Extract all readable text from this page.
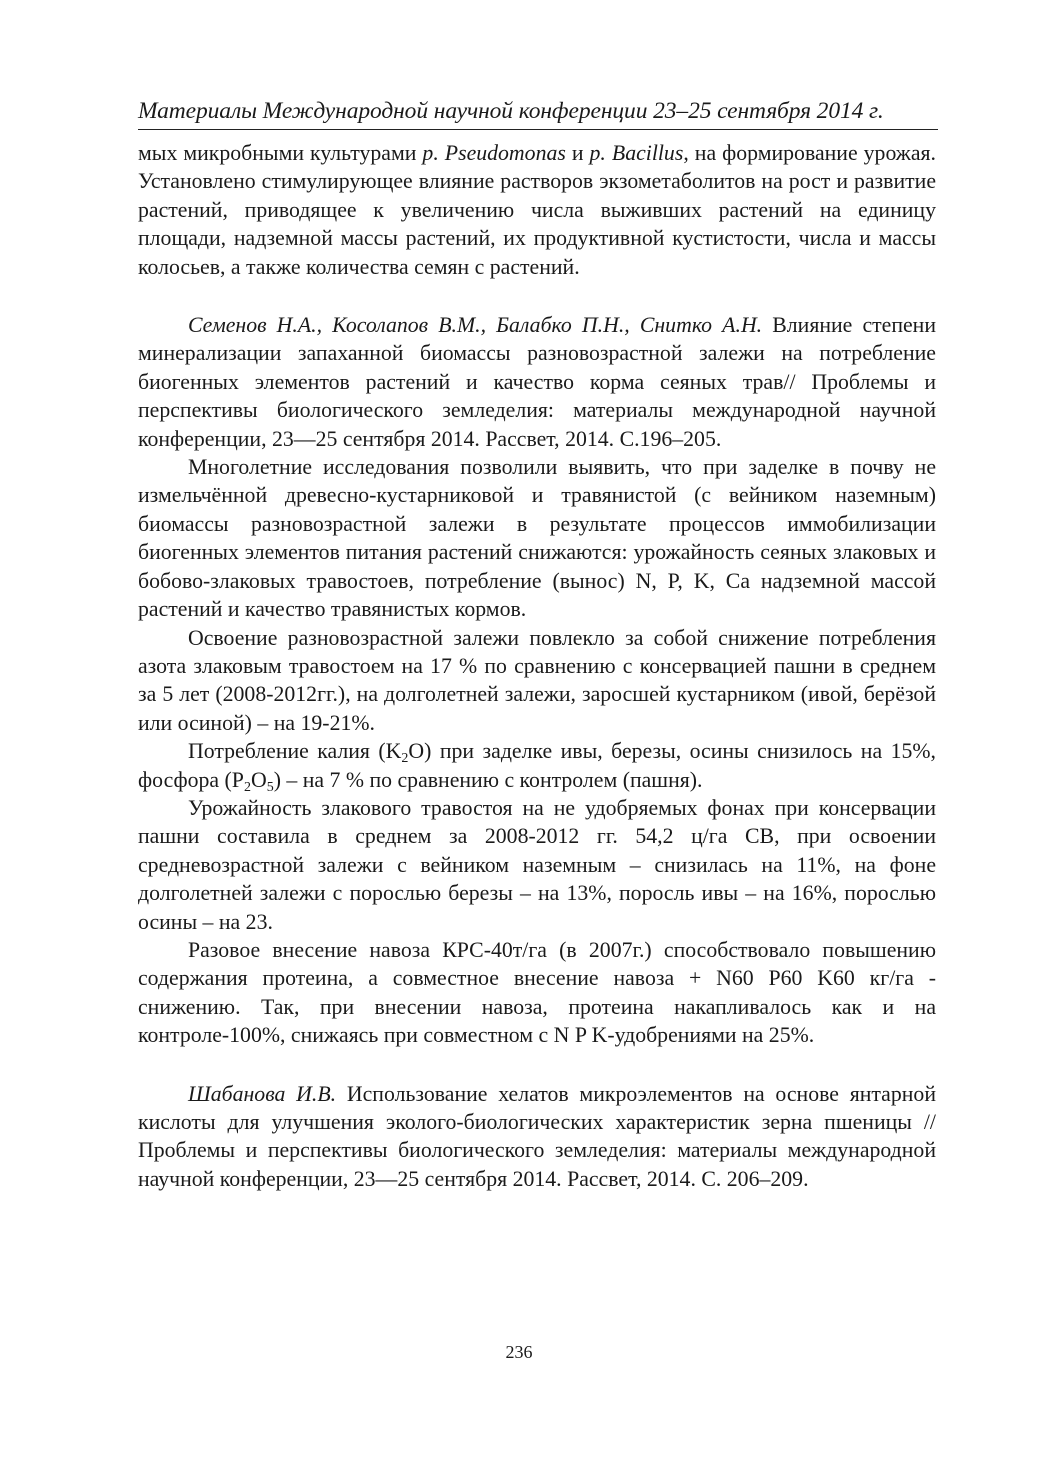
Материалы Международной научной конференции 23–25 сентября 2014 г.

мых микробными культурами p. Pseudomonas и p. Bacillus, на формирование урожая. Установлено стимулирующее влияние растворов экзометаболитов на рост и развитие растений, приводящее к увеличению числа выживших растений на единицу площади, надземной массы растений, их продуктивной кустистости, числа и массы колосьев, а также количества семян с растений.

Семенов Н.А., Косолапов В.М., Балабко П.Н., Снитко А.Н. Влияние степени минерализации запаханной биомассы разновозрастной залежи на потребление биогенных элементов растений и качество корма сеяных трав// Проблемы и перспективы биологического земледелия: материалы международной научной конференции, 23—25 сентября 2014. Рассвет, 2014. С.196–205.

Многолетние исследования позволили выявить, что при заделке в почву не измельчённой древесно-кустарниковой и травянистой (с вейником наземным) биомассы разновозрастной залежи в результате процессов иммобилизации биогенных элементов питания растений снижаются: урожайность сеяных злаковых и бобово-злаковых травостоев, потребление (вынос) N, P, K, Са надземной массой растений и качество травянистых кормов.

Освоение разновозрастной залежи повлекло за собой снижение потребления азота злаковым травостоем на 17 % по сравнению с консервацией пашни в среднем за 5 лет (2008-2012гг.), на долголетней залежи, заросшей кустарником (ивой, берёзой или осиной) – на 19-21%.

Потребление калия $(K_2O)$ при заделке ивы, березы, осины снизилось на 15%, фосфора $(P_2O_5)$ – на 7 % по сравнению с контролем (пашня).

Урожайность злакового травостоя на не удобряемых фонах при консервации пашни составила в среднем за 2008-2012 гг. 54,2 ц/га СВ, при освоении средневозрастной залежи с вейником наземным – снизилась на 11%, на фоне долголетней залежи с порослью березы – на 13%, поросль ивы – на 16%, порослью осины – на 23.

Разовое внесение навоза КРС-40т/га (в 2007г.) способствовало повышению содержания протеина, а совместное внесение навоза + N60 P60 K60 кг/га - снижению. Так, при внесении навоза, протеина накапливалось как и на контроле-100%, снижаясь при совместном с N P K-удобрениями на 25%.

Шабанова И.В. Использование хелатов микроэлементов на основе янтарной кислоты для улучшения эколого-биологических характеристик зерна пшеницы // Проблемы и перспективы биологического земледелия: материалы международной научной конференции, 23—25 сентября 2014. Рассвет, 2014. С. 206–209.

236
